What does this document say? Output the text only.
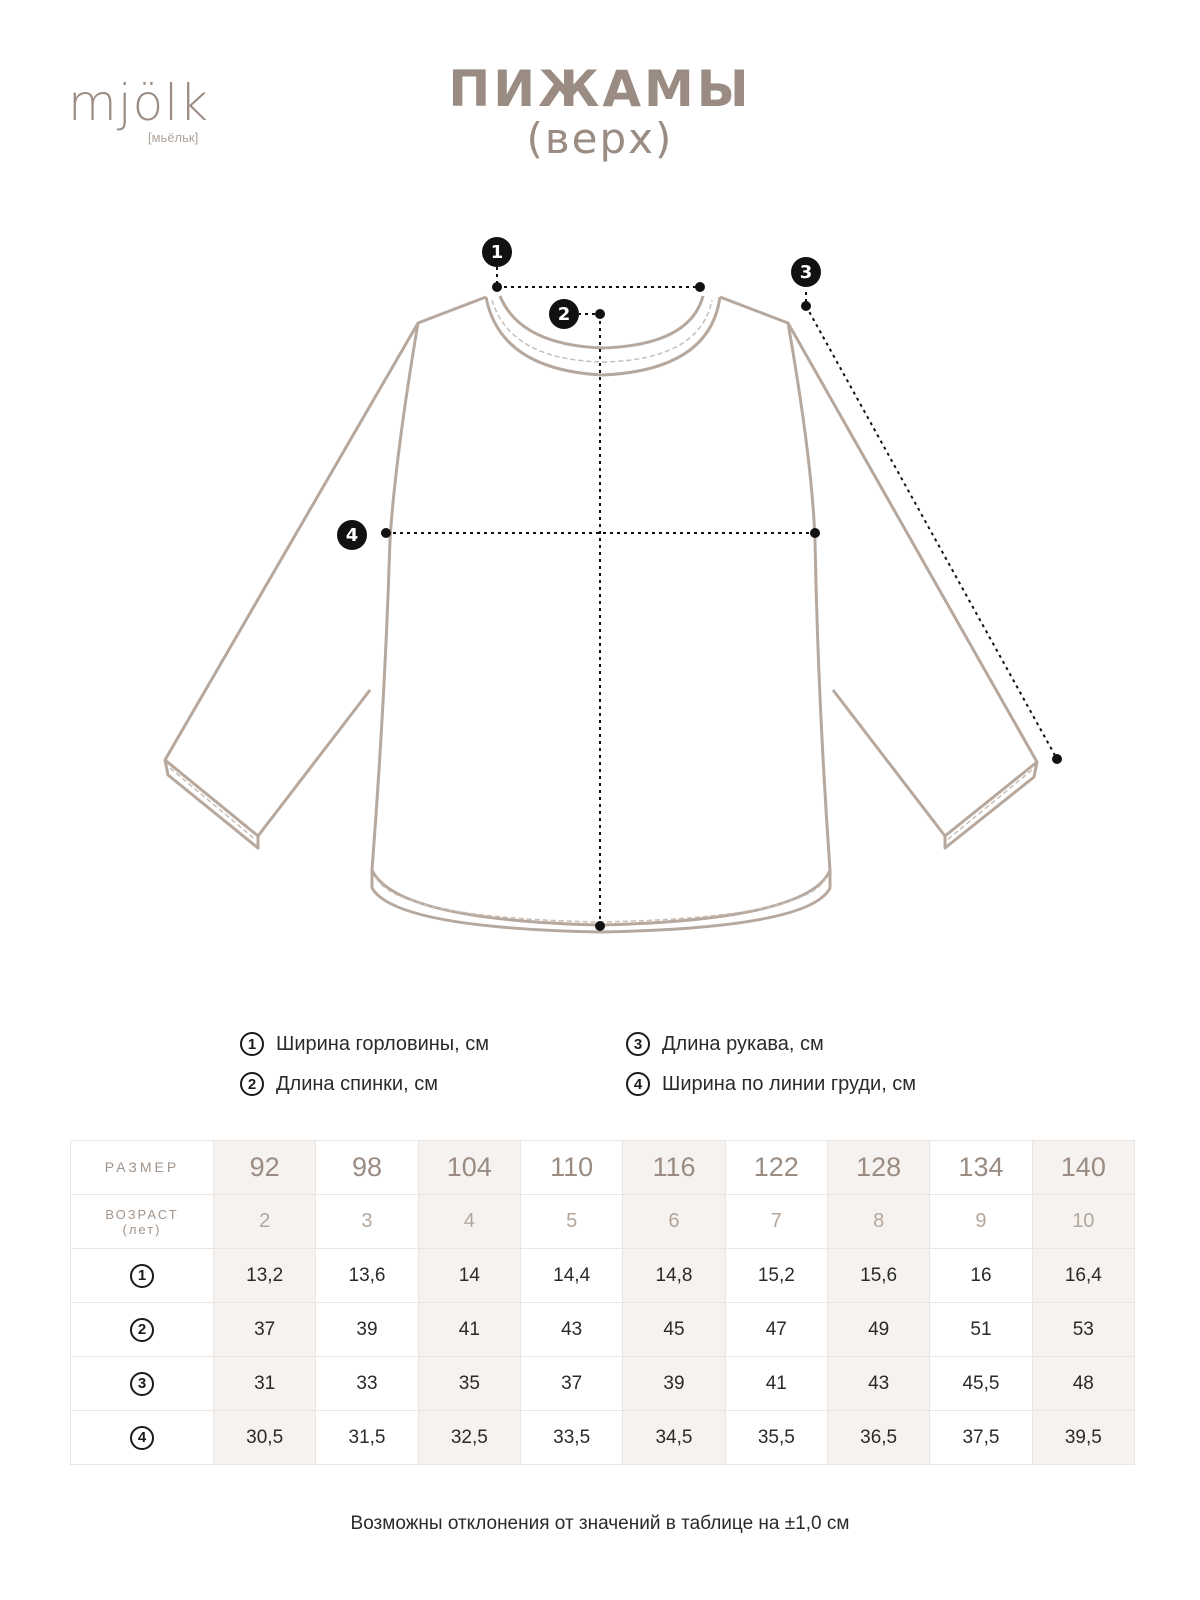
mjölk
[мьёльк]
ПИЖАМЫ
(верх)
1
2
3
4
1 Ширина горловины, см
2 Длина спинки, см
3 Длина рукава, см
4 Ширина по линии груди, см
РАЗМЕР	92	98	104	110	116	122	128	134	140

ВОЗРАСТ
(лет)	2	3	4	5	6	7	8	9	10
1	13,2	13,6	14	14,4	14,8	15,2	15,6	16	16,4
2	37	39	41	43	45	47	49	51	53
3	31	33	35	37	39	41	43	45,5	48
4	30,5	31,5	32,5	33,5	34,5	35,5	36,5	37,5	39,5
Возможны отклонения от значений в таблице на ±1,0 см
